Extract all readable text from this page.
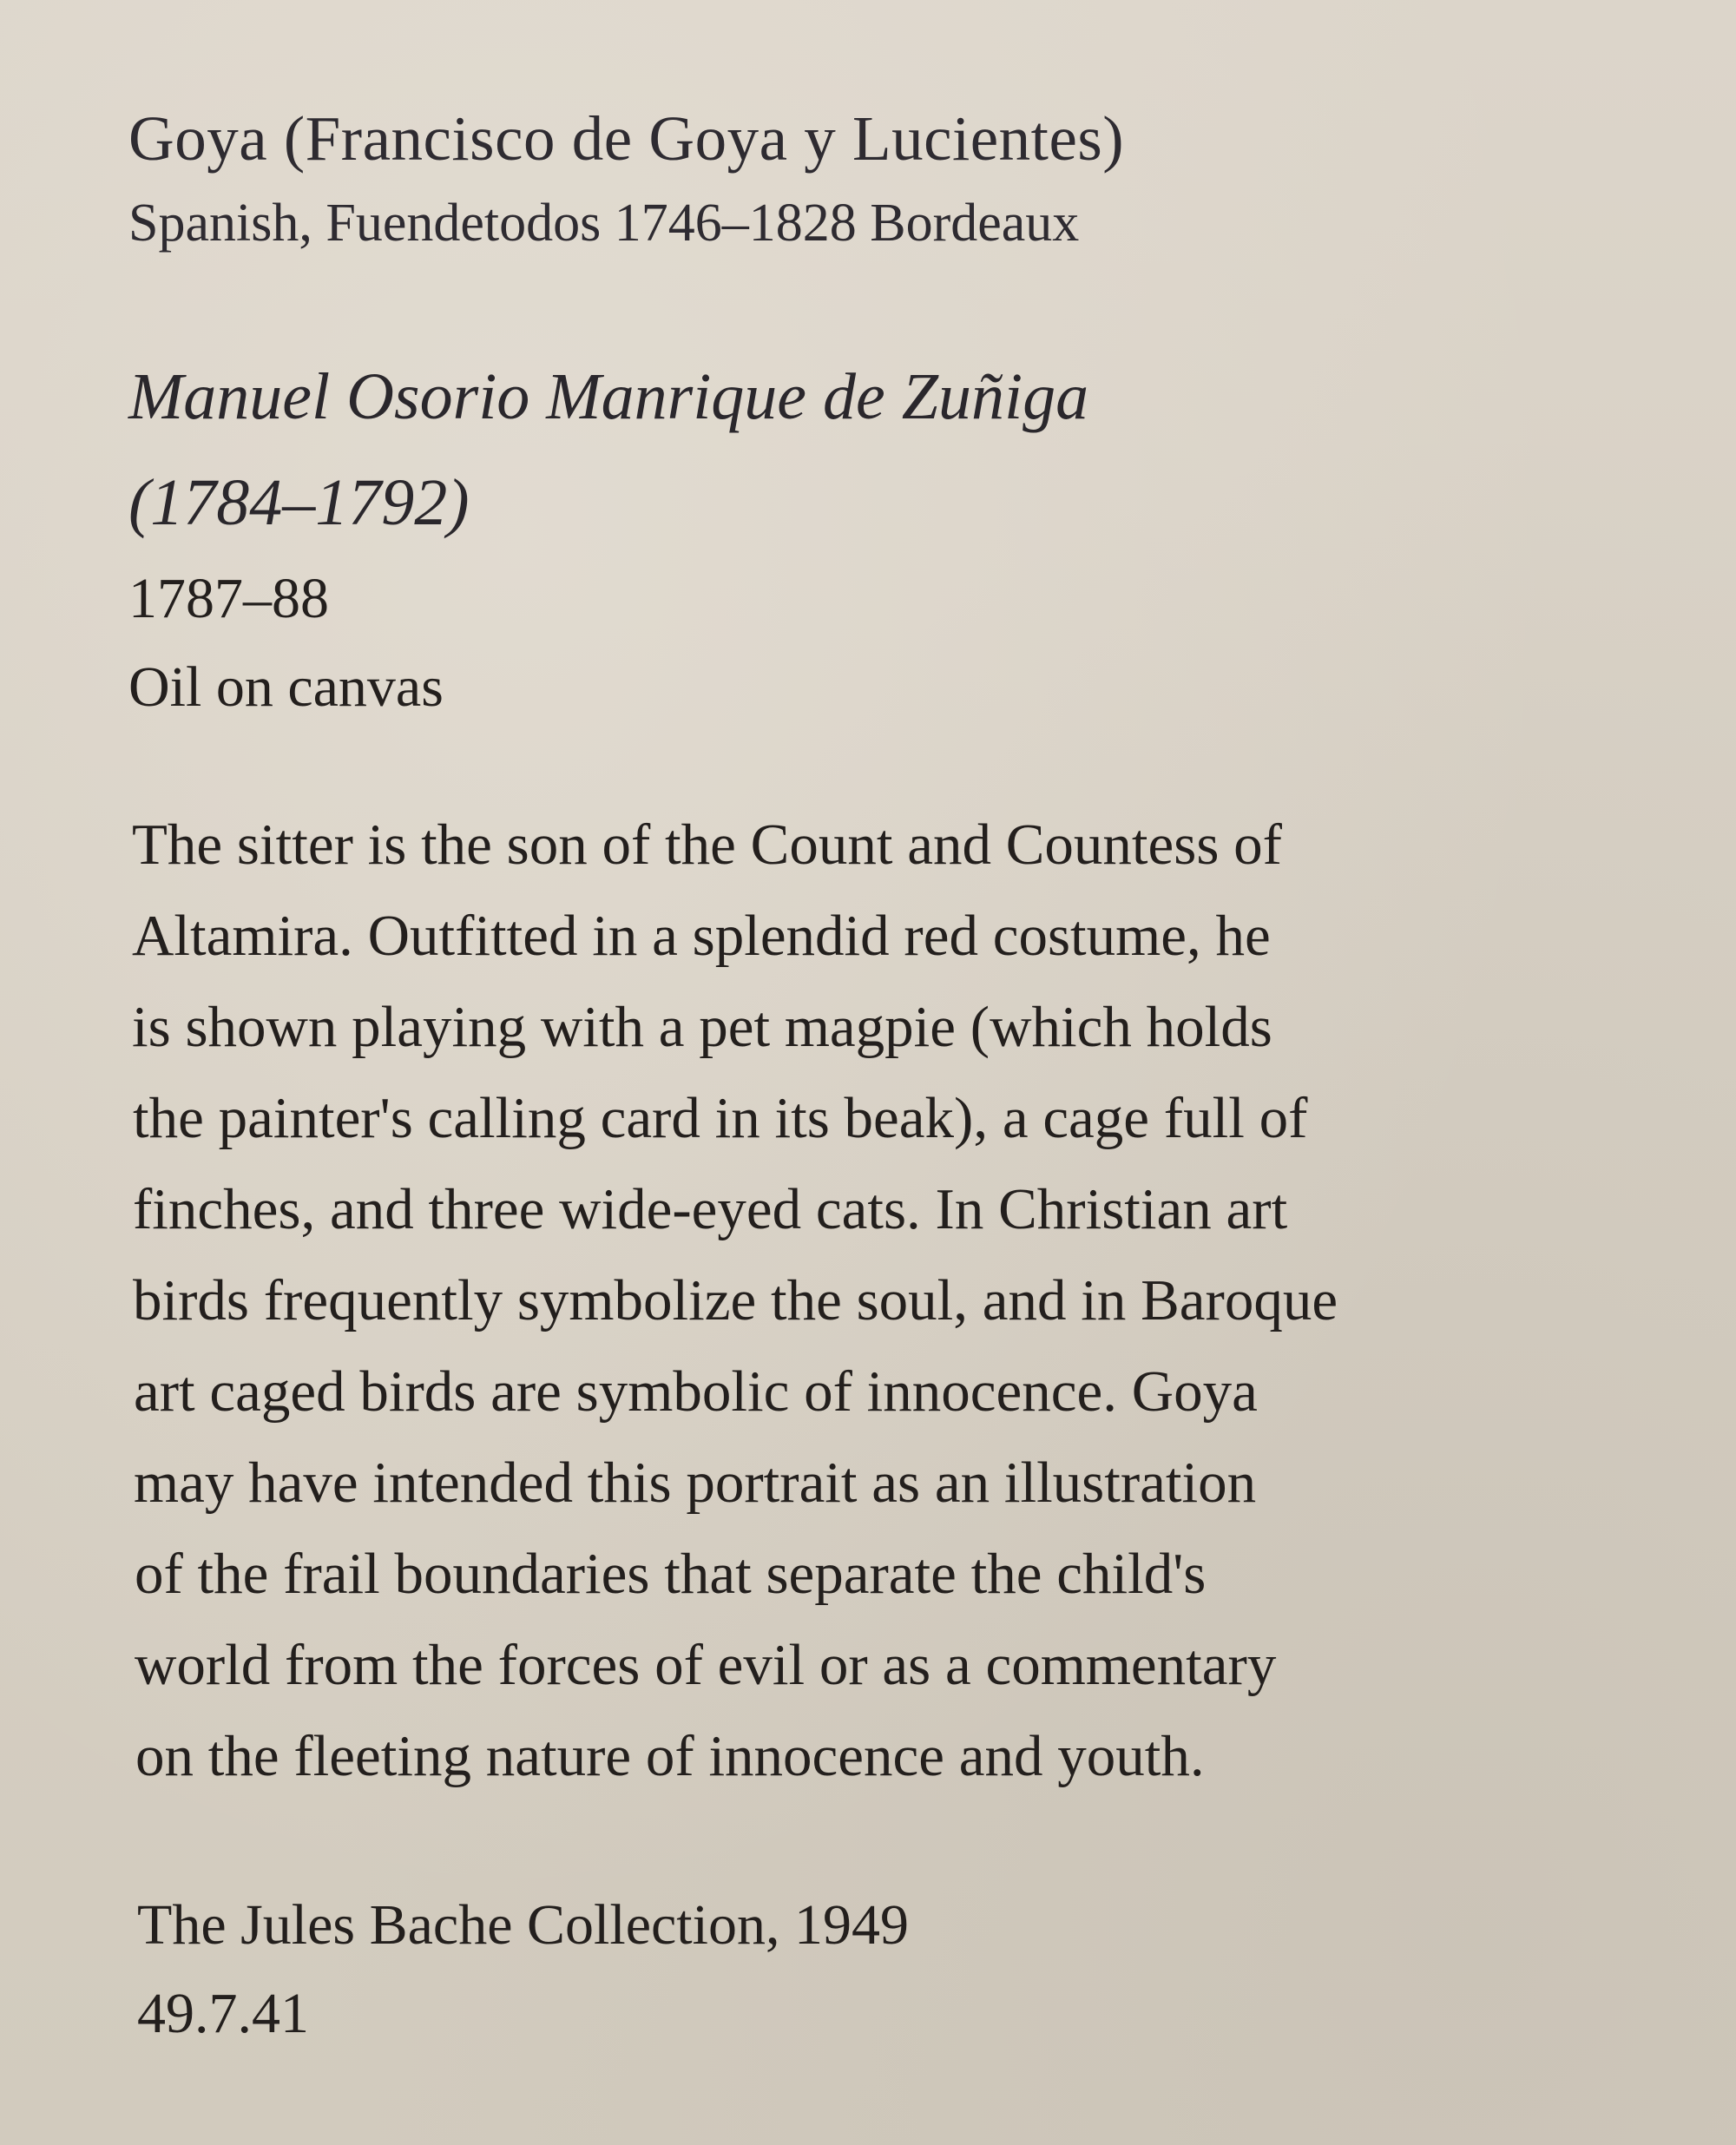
Goya (Francisco de Goya y Lucientes)
Spanish, Fuendetodos 1746–1828 Bordeaux
Manuel Osorio Manrique de Zuñiga
(1784–1792)
1787–88
Oil on canvas
The sitter is the son of the Count and Countess of
Altamira. Outfitted in a splendid red costume, he
is shown playing with a pet magpie (which holds
the painter's calling card in its beak), a cage full of
finches, and three wide-eyed cats. In Christian art
birds frequently symbolize the soul, and in Baroque
art caged birds are symbolic of innocence. Goya
may have intended this portrait as an illustration
of the frail boundaries that separate the child's
world from the forces of evil or as a commentary
on the fleeting nature of innocence and youth.
The Jules Bache Collection, 1949
49.7.41
